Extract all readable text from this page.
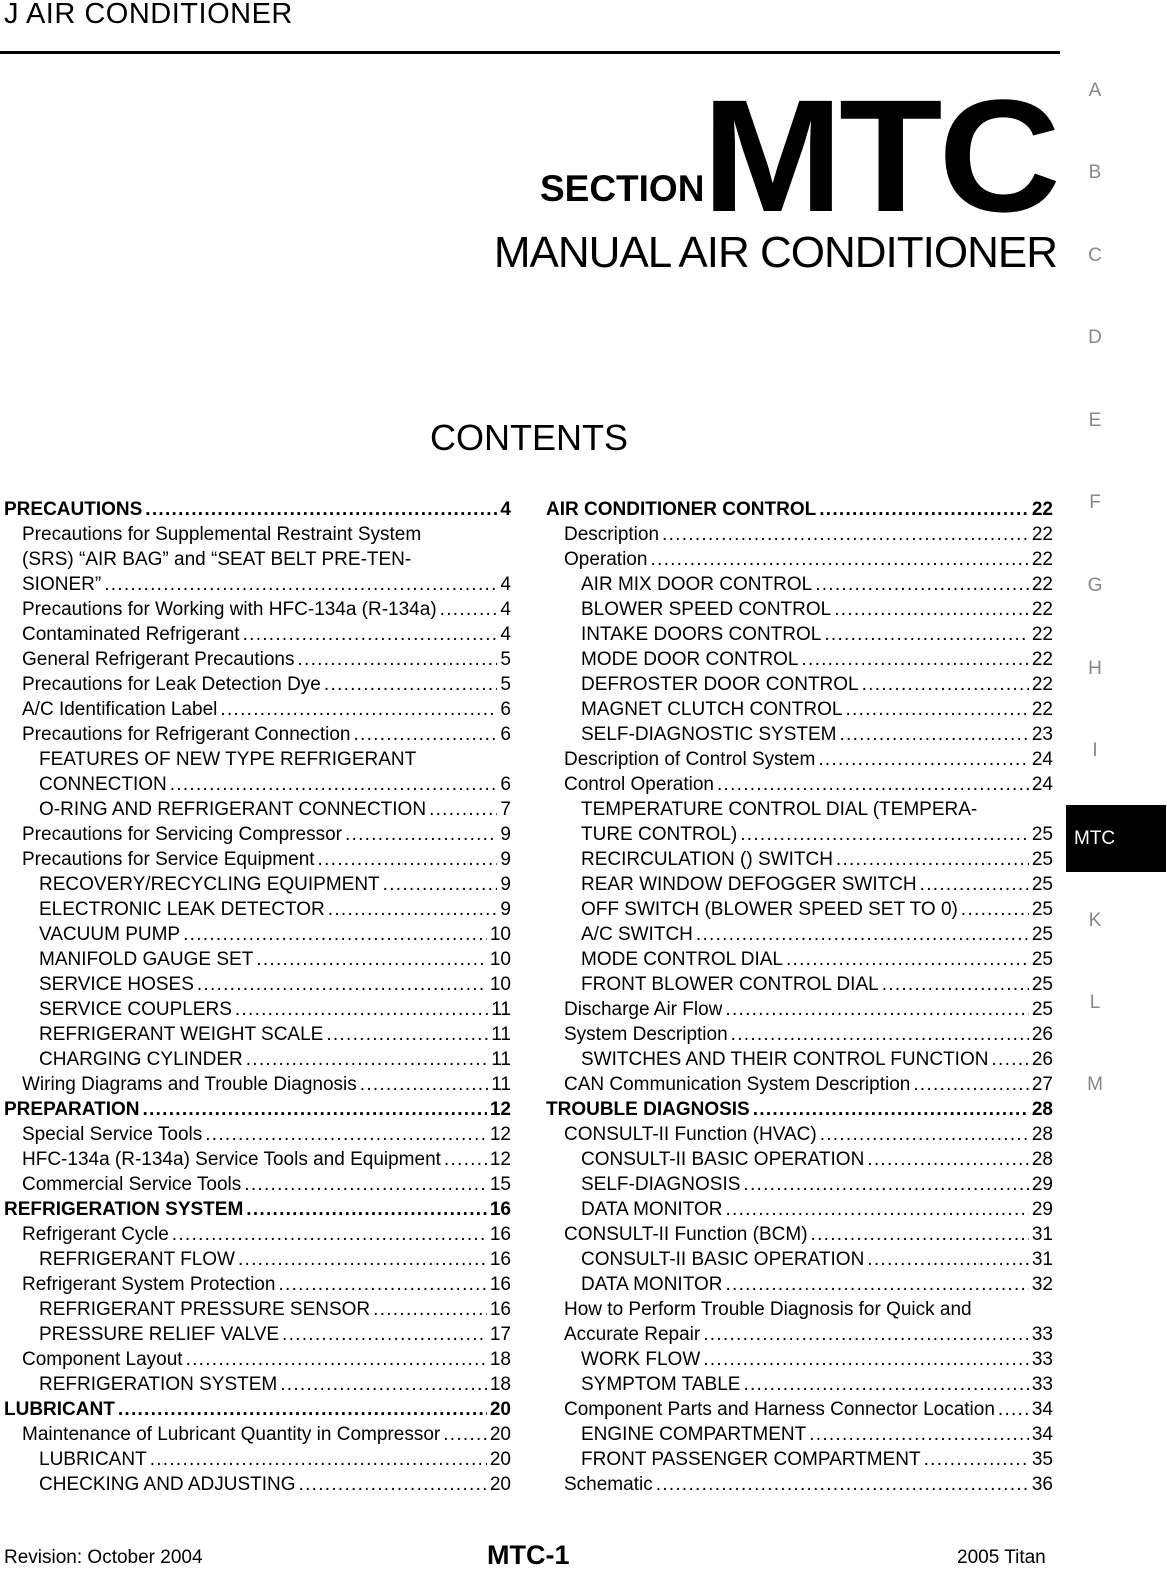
J AIR CONDITIONER
SECTION
MTC
MANUAL AIR CONDITIONER
CONTENTS
A
B
C
D
E
F
G
H
I
MTC
K
L
M
PRECAUTIONS . . .	4
Precautions for Supplemental Restraint System
(SRS) “AIR BAG” and “SEAT BELT PRE-TEN-
SIONER” . . .	4
Precautions for Working with HFC-134a (R-134a) . . .	4
Contaminated Refrigerant . . .	4
General Refrigerant Precautions . . .	5
Precautions for Leak Detection Dye . . .	5
A/C Identification Label . . .	6
Precautions for Refrigerant Connection . . .	6
FEATURES OF NEW TYPE REFRIGERANT
CONNECTION . . .	6
O-RING AND REFRIGERANT CONNECTION . . .	7
Precautions for Servicing Compressor . . .	9
Precautions for Service Equipment . . .	9
RECOVERY/RECYCLING EQUIPMENT . . .	9
ELECTRONIC LEAK DETECTOR . . .	9
VACUUM PUMP . . .	10
MANIFOLD GAUGE SET . . .	10
SERVICE HOSES . . .	10
SERVICE COUPLERS . . .	11
REFRIGERANT WEIGHT SCALE . . .	11
CHARGING CYLINDER . . .	11
Wiring Diagrams and Trouble Diagnosis . . .	11
PREPARATION . . .	12
Special Service Tools . . .	12
HFC-134a (R-134a) Service Tools and Equipment . . .	12
Commercial Service Tools . . .	15
REFRIGERATION SYSTEM . . .	16
Refrigerant Cycle . . .	16
REFRIGERANT FLOW . . .	16
Refrigerant System Protection . . .	16
REFRIGERANT PRESSURE SENSOR . . .	16
PRESSURE RELIEF VALVE . . .	17
Component Layout . . .	18
REFRIGERATION SYSTEM . . .	18
LUBRICANT . . .	20
Maintenance of Lubricant Quantity in Compressor . . .	20
LUBRICANT . . .	20
CHECKING AND ADJUSTING . . .	20
AIR CONDITIONER CONTROL . . .	22
Description . . .	22
Operation . . .	22
AIR MIX DOOR CONTROL . . .	22
BLOWER SPEED CONTROL . . .	22
INTAKE DOORS CONTROL . . .	22
MODE DOOR CONTROL . . .	22
DEFROSTER DOOR CONTROL . . .	22
MAGNET CLUTCH CONTROL . . .	22
SELF-DIAGNOSTIC SYSTEM . . .	23
Description of Control System . . .	24
Control Operation . . .	24
TEMPERATURE CONTROL DIAL (TEMPERA-
TURE CONTROL) . . .	25
RECIRCULATION () SWITCH . . .	25
REAR WINDOW DEFOGGER SWITCH . . .	25
OFF SWITCH (BLOWER SPEED SET TO 0) . . .	25
A/C SWITCH . . .	25
MODE CONTROL DIAL . . .	25
FRONT BLOWER CONTROL DIAL . . .	25
Discharge Air Flow . . .	25
System Description . . .	26
SWITCHES AND THEIR CONTROL FUNCTION . . . 26
CAN Communication System Description . . .	27
TROUBLE DIAGNOSIS . . .	28
CONSULT-II Function (HVAC) . . .	28
CONSULT-II BASIC OPERATION . . .	28
SELF-DIAGNOSIS . . .	29
DATA MONITOR . . .	29
CONSULT-II Function (BCM) . . .	31
CONSULT-II BASIC OPERATION . . .	31
DATA MONITOR . . .	32
How to Perform Trouble Diagnosis for Quick and
Accurate Repair . . .	33
WORK FLOW . . .	33
SYMPTOM TABLE . . .	33
Component Parts and Harness Connector Location . . . 34
ENGINE COMPARTMENT . . .	34
FRONT PASSENGER COMPARTMENT . . .	35
Schematic . . .	36
Revision: October 2004	MTC-1	2005 Titan
